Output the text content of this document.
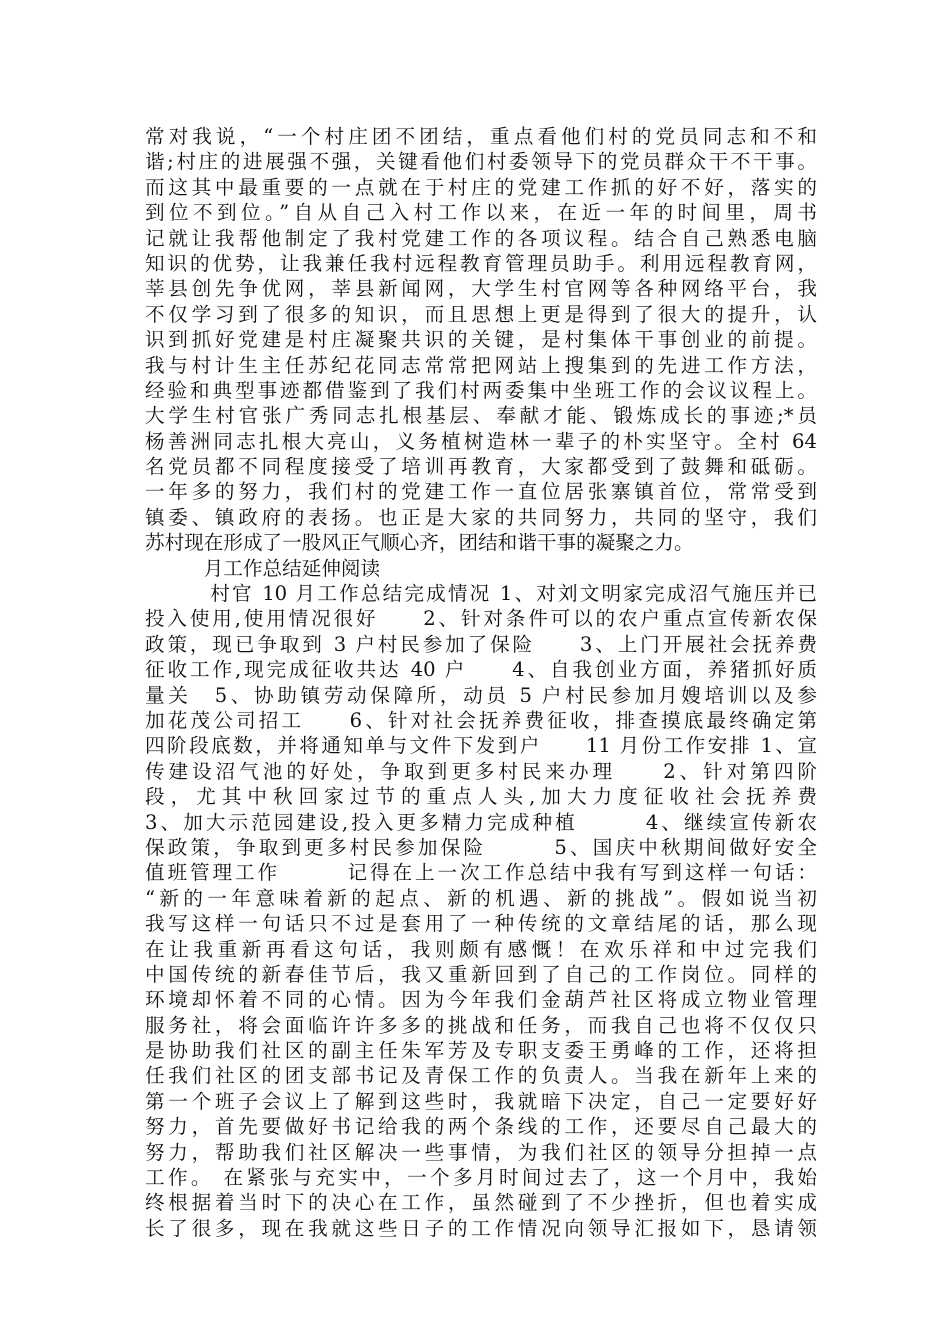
常对我说，“一个村庄团不团结，重点看他们村的党员同志和不和
谐;村庄的进展强不强，关键看他们村委领导下的党员群众干不干事。
而这其中最重要的一点就在于村庄的党建工作抓的好不好，落实的
到位不到位。”自从自己入村工作以来，在近一年的时间里，周书
记就让我帮他制定了我村党建工作的各项议程。结合自己熟悉电脑
知识的优势，让我兼任我村远程教育管理员助手。利用远程教育网，
莘县创先争优网，莘县新闻网，大学生村官网等各种网络平台，我
不仅学习到了很多的知识，而且思想上更是得到了很大的提升，认
识到抓好党建是村庄凝聚共识的关键，是村集体干事创业的前提。
我与村计生主任苏纪花同志常常把网站上搜集到的先进工作方法，
经验和典型事迹都借鉴到了我们村两委集中坐班工作的会议议程上。
大学生村官张广秀同志扎根基层、奉献才能、锻炼成长的事迹;*员
杨善洲同志扎根大亮山，义务植树造林一辈子的朴实坚守。全村 64
名党员都不同程度接受了培训再教育，大家都受到了鼓舞和砥砺。
一年多的努力，我们村的党建工作一直位居张寨镇首位，常常受到
镇委、镇政府的表扬。也正是大家的共同努力，共同的坚守，我们
苏村现在形成了一股风正气顺心齐，团结和谐干事的凝聚之力。
　　　月工作总结延伸阅读
　　　村官 10 月工作总结完成情况 1、对刘文明家完成沼气施压并已
投入使用,使用情况很好　　2、针对条件可以的农户重点宣传新农保
政策，现已争取到 3 户村民参加了保险　　3、上门开展社会抚养费
征收工作,现完成征收共达 40 户　　4、自我创业方面，养猪抓好质
量关　5、协助镇劳动保障所，动员 5 户村民参加月嫂培训以及参
加花茂公司招工　　6、针对社会抚养费征收，排查摸底最终确定第
四阶段底数，并将通知单与文件下发到户　　11 月份工作安排 1、宣
传建设沼气池的好处，争取到更多村民来办理　　2、针对第四阶
段，尤其中秋回家过节的重点人头,加大力度征收社会抚养费
3、加大示范园建设,投入更多精力完成种植　　　4、继续宣传新农
保政策，争取到更多村民参加保险　　　5、国庆中秋期间做好安全
值班管理工作　　　记得在上一次工作总结中我有写到这样一句话：
“新的一年意味着新的起点、新的机遇、新的挑战”。假如说当初
我写这样一句话只不过是套用了一种传统的文章结尾的话，那么现
在让我重新再看这句话，我则颇有感慨！在欢乐祥和中过完我们
中国传统的新春佳节后，我又重新回到了自己的工作岗位。同样的
环境却怀着不同的心情。因为今年我们金葫芦社区将成立物业管理
服务社，将会面临许许多多的挑战和任务，而我自己也将不仅仅只
是协助我们社区的副主任朱军芳及专职支委王勇峰的工作，还将担
任我们社区的团支部书记及青保工作的负责人。当我在新年上来的
第一个班子会议上了解到这些时，我就暗下决定，自己一定要好好
努力，首先要做好书记给我的两个条线的工作，还要尽自己最大的
努力，帮助我们社区解决一些事情，为我们社区的领导分担掉一点
工作。 在紧张与充实中，一个多月时间过去了，这一个月中，我始
终根据着当时下的决心在工作，虽然碰到了不少挫折，但也着实成
长了很多，现在我就这些日子的工作情况向领导汇报如下，恳请领
